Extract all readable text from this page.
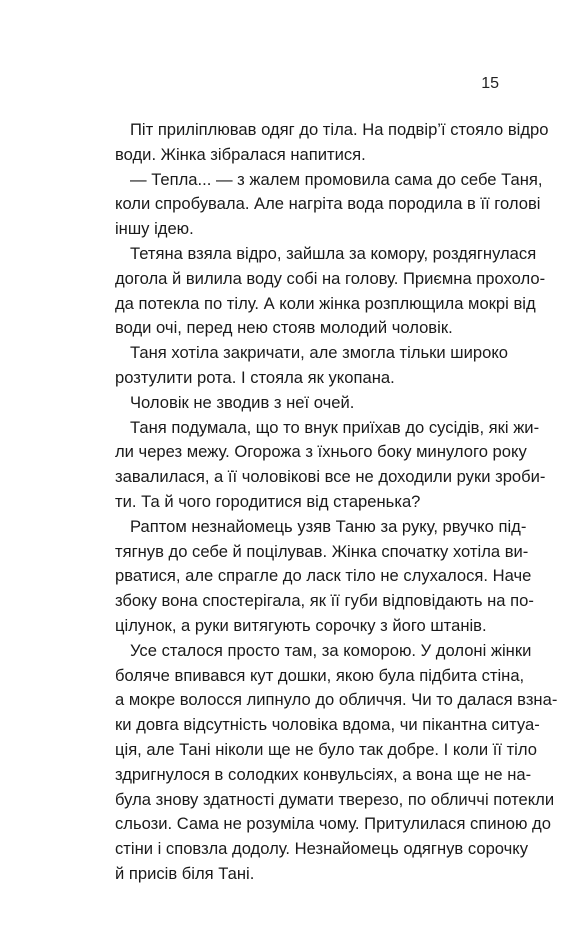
15
Піт приліплював одяг до тіла. На подвір’ї стояло відро
води. Жінка зібралася напитися.
— Тепла... — з жалем промовила сама до себе Таня,
коли спробувала. Але нагріта вода породила в її голові
іншу ідею.
Тетяна взяла відро, зайшла за комору, роздягнулася
догола й вилила воду собі на голову. Приємна прохоло-
да потекла по тілу. А коли жінка розплющила мокрі від
води очі, перед нею стояв молодий чоловік.
Таня хотіла закричати, але змогла тільки широко
розтулити рота. І стояла як укопана.
Чоловік не зводив з неї очей.
Таня подумала, що то внук приїхав до сусідів, які жи-
ли через межу. Огорожа з їхнього боку минулого року
завалилася, а її чоловікові все не доходили руки зроби-
ти. Та й чого городитися від старенька?
Раптом незнайомець узяв Таню за руку, рвучко під-
тягнув до себе й поцілував. Жінка спочатку хотіла ви-
рватися, але спрагле до ласк тіло не слухалося. Наче
збоку вона спостерігала, як її губи відповідають на по-
цілунок, а руки витягують сорочку з його штанів.
Усе сталося просто там, за коморою. У долоні жінки
боляче впивався кут дошки, якою була підбита стіна,
а мокре волосся липнуло до обличчя. Чи то далася взна-
ки довга відсутність чоловіка вдома, чи пікантна ситуа-
ція, але Тані ніколи ще не було так добре. І коли її тіло
здригнулося в солодких конвульсіях, а вона ще не на-
була знову здатності думати тверезо, по обличчі потекли
сльози. Сама не розуміла чому. Притулилася спиною до
стіни і сповзла додолу. Незнайомець одягнув сорочку
й присів біля Тані.
